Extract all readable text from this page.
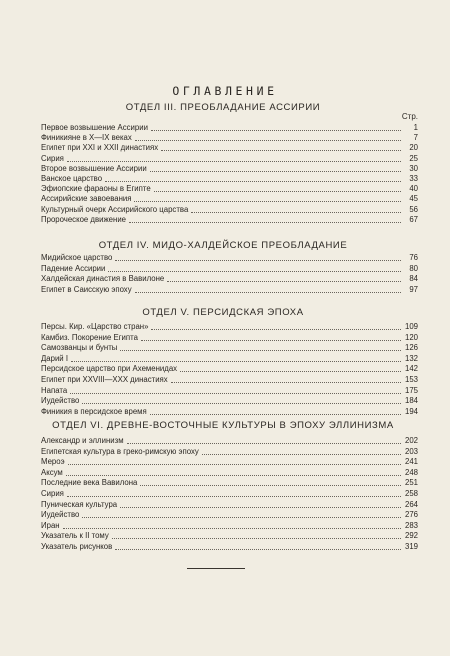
ОГЛАВЛЕНИЕ
Стр.
ОТДЕЛ III. ПРЕОБЛАДАНИЕ АССИРИИ
ОТДЕЛ IV. МИДО-ХАЛДЕЙСКОЕ ПРЕОБЛАДАНИЕ
ОТДЕЛ V. ПЕРСИДСКАЯ ЭПОХА
ОТДЕЛ VI. ДРЕВНЕ-ВОСТОЧНЫЕ КУЛЬТУРЫ В ЭПОХУ ЭЛЛИНИЗМА
Первое возвышение Ассирии	1
Финикияне в X—IX веках	7
Египет при XXI и XXII династиях	20
Сирия	25
Второе возвышение Ассирии	30
Ванское царство	33
Эфиопские фараоны в Египте	40
Ассирийские завоевания	45
Культурный очерк Ассирийского царства	56
Пророческое движение	67
Мидийское царство	76
Падение Ассирии	80
Халдейская династия в Вавилоне	84
Египет в Саисскую эпоху	97
Персы. Кир. «Царство стран»	109
Камбиз. Покорение Египта	120
Самозванцы и бунты	126
Дарий I	132
Персидское царство при Ахеменидах	142
Египет при XXVIII—XXX династиях	153
Напата	175
Иудейство	184
Финикия в персидское время	194
Александр и эллинизм	202
Египетская культура в греко-римскую эпоху	203
Мероэ	241
Аксум	248
Последние века Вавилона	251
Сирия	258
Пуническая культура	264
Иудейство	276
Иран	283
Указатель к II тому	292
Указатель рисунков	319
